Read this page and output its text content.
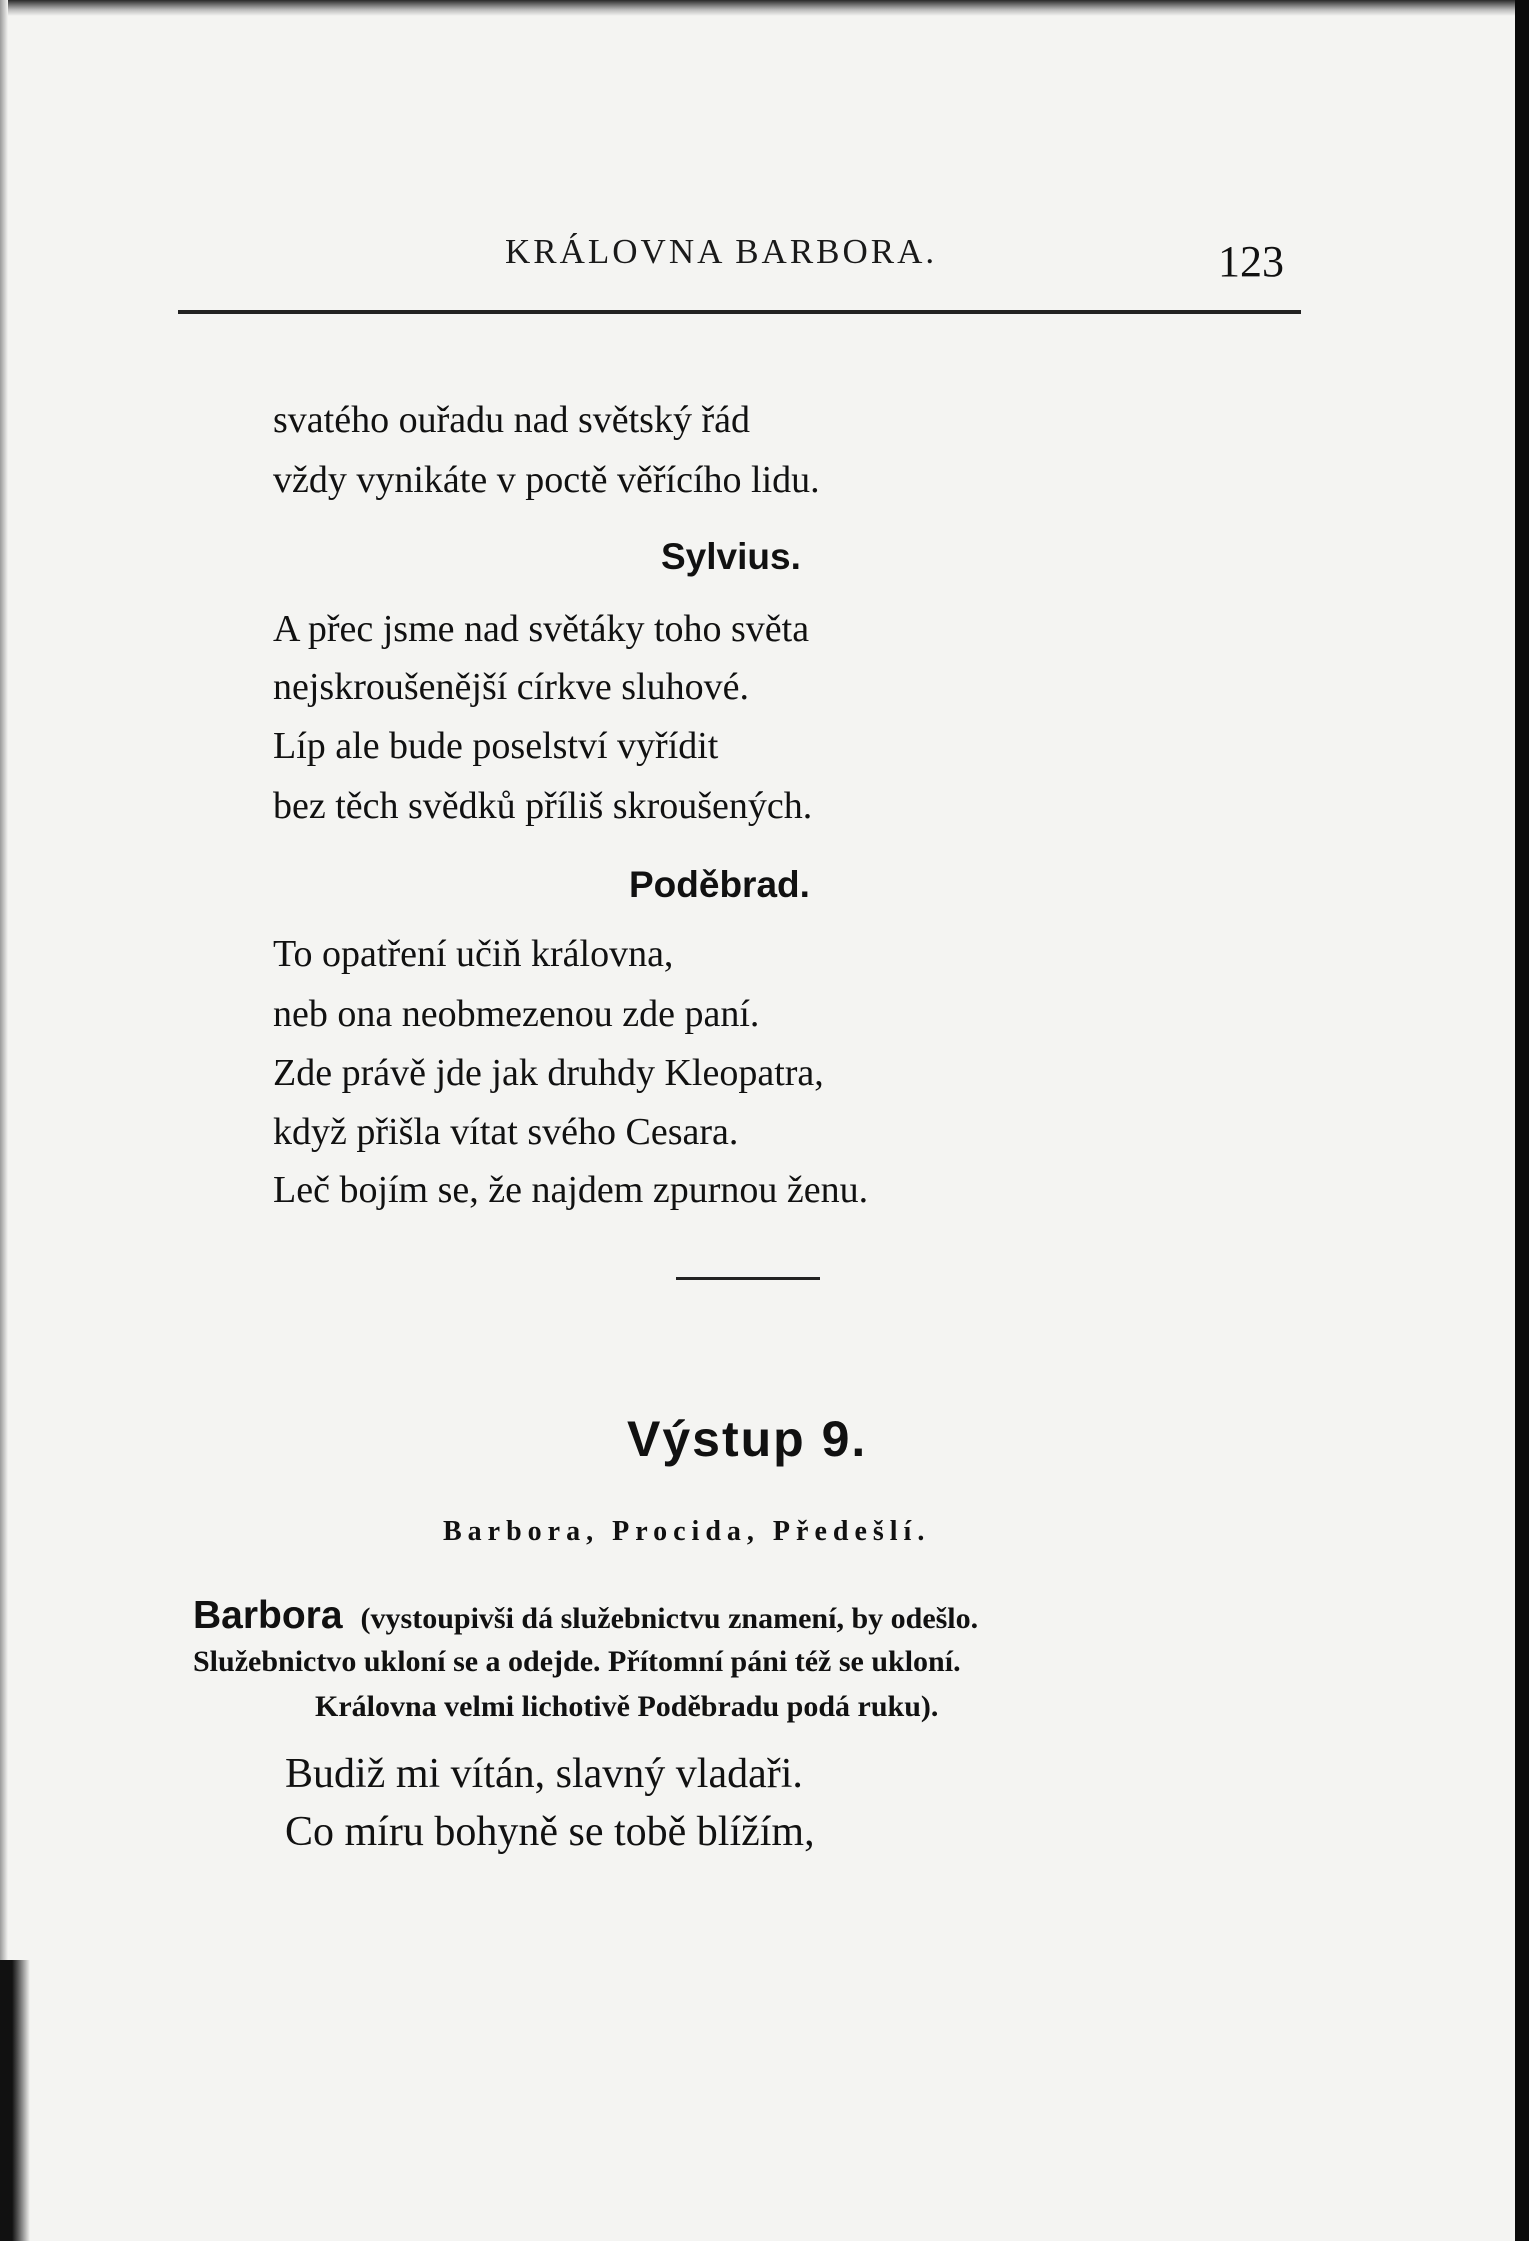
KRÁLOVNA BARBORA.	123
svatého ouřadu nad světský řád
vždy vynikáte v poctě věřícího lidu.
Sylvius.
A přec jsme nad světáky toho světa
nejskroušenější církve sluhové.
Líp ale bude poselství vyřídit
bez těch svědků příliš skroušených.
Poděbrad.
To opatření učiň královna,
neb ona neobmezenou zde paní.
Zde právě jde jak druhdy Kleopatra,
když přišla vítat svého Cesara.
Leč bojím se, že najdem zpurnou ženu.
Výstup 9.
Barbora, Procida, Předešlí.
Barbora (vystoupivši dá služebnictvu znamení, by odešlo.
Služebnictvo ukloní se a odejde. Přítomní páni též se ukloní.
Královna velmi lichotivě Poděbradu podá ruku).
Budiž mi vítán, slavný vladaři.
Co míru bohyně se tobě blížím,
